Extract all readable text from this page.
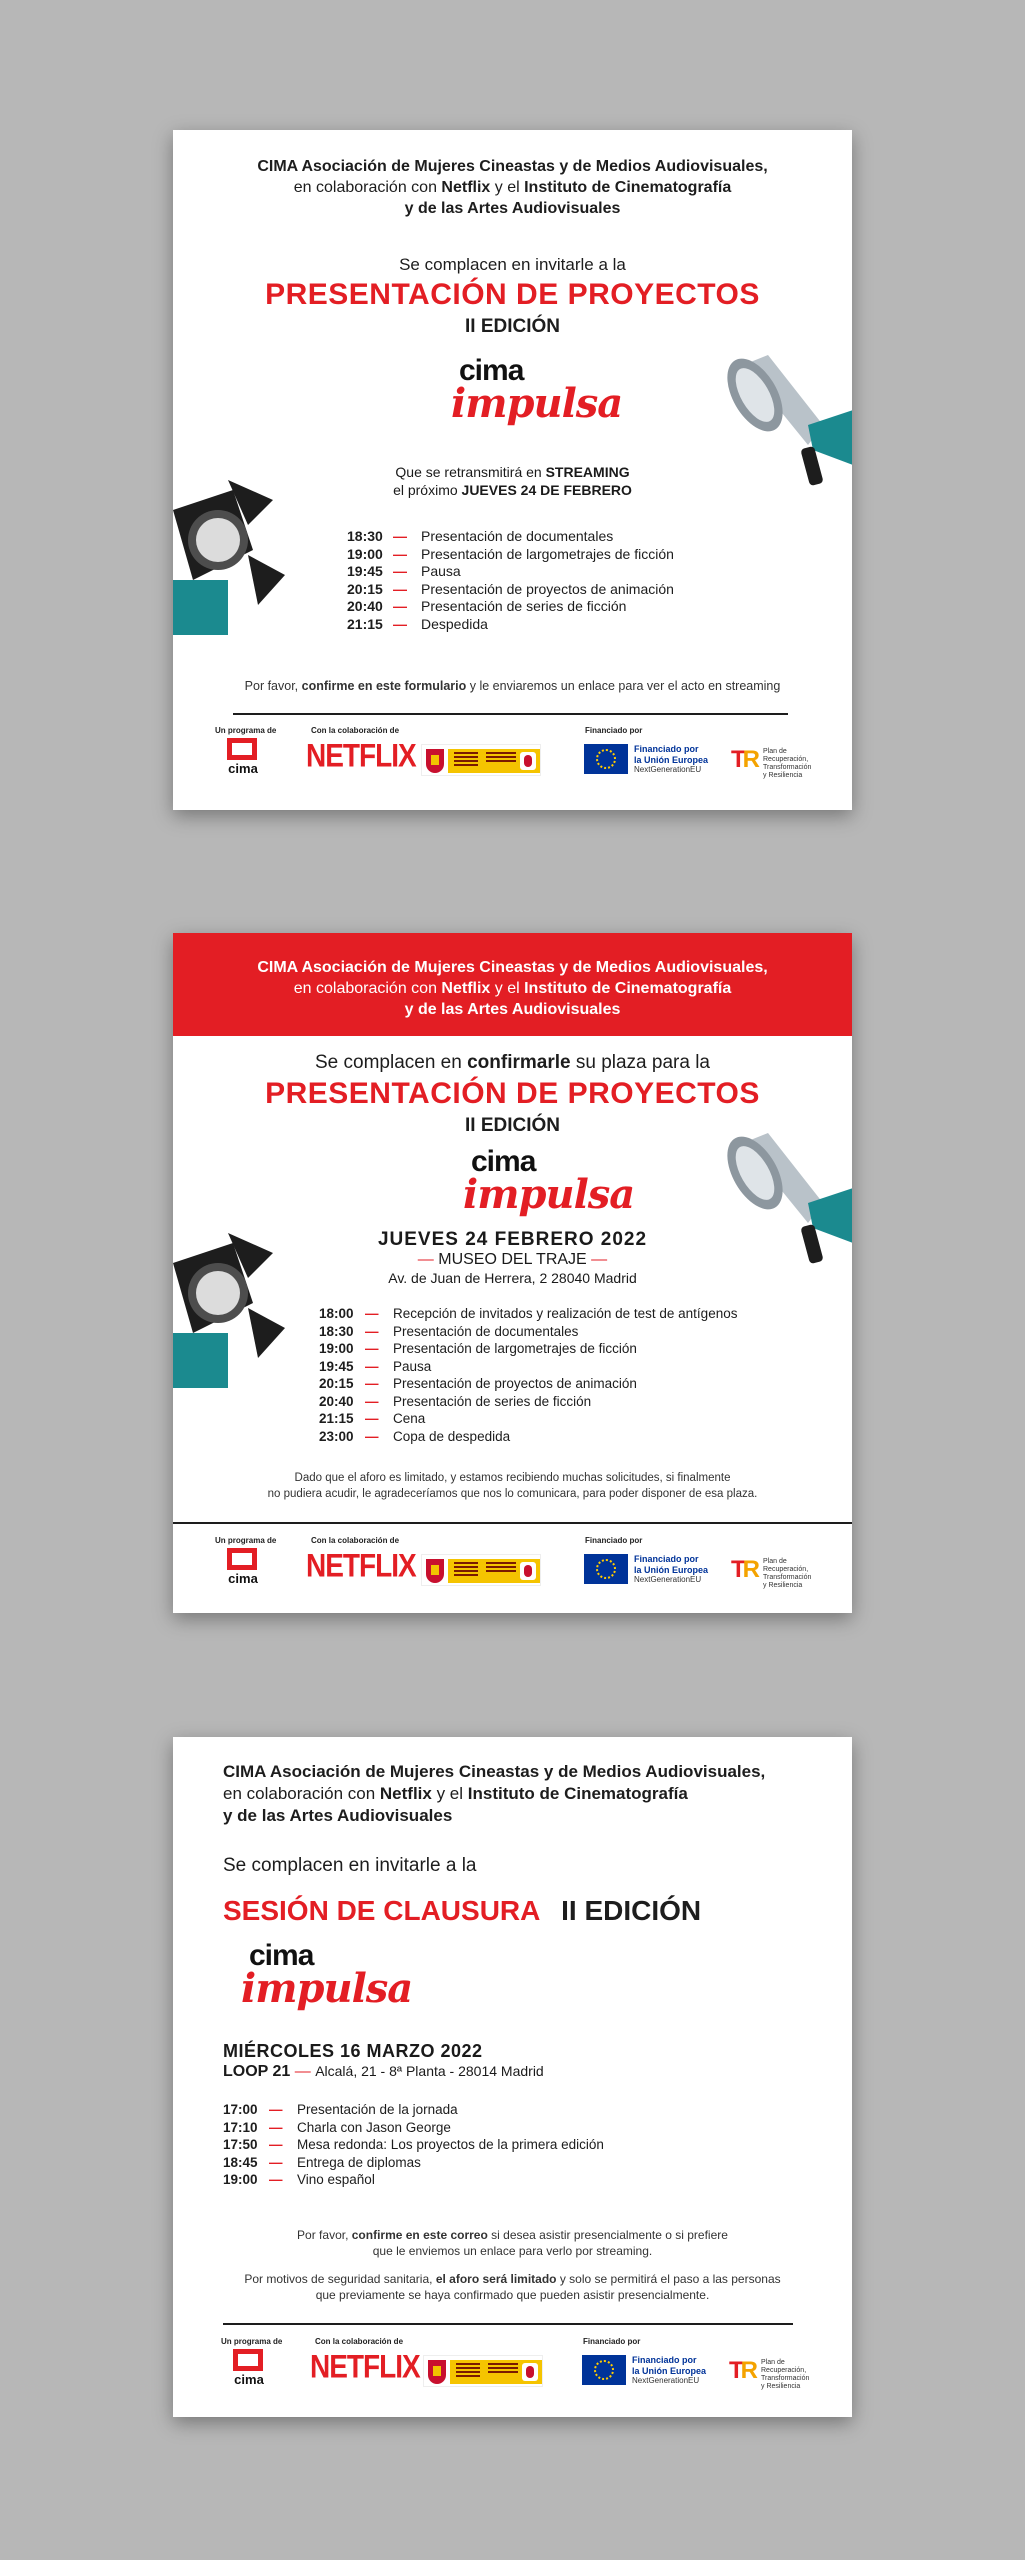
CIMA Asociación de Mujeres Cineastas y de Medios Audiovisuales,
en colaboración con Netflix y el Instituto de Cinematografía
y de las Artes Audiovisuales
Se complacen en invitarle a la
PRESENTACIÓN DE PROYECTOS
II EDICIÓN
cima
impulsa
Que se retransmitirá en STREAMING
el próximo JUEVES 24 DE FEBRERO
18:30 —	Presentación de documentales
19:00 —	Presentación de largometrajes de ficción
19:45 —	Pausa
20:15 —	Presentación de proyectos de animación
20:40 —	Presentación de series de ficción
21:15 —	Despedida
Por favor, confirme en este formulario y le enviaremos un enlace para ver el acto en streaming
Un programa de
cima
Con la colaboración de
NETFLIX
Financiado por
Financiado por
la Unión Europea
NextGenerationEU TR Plan de
Recuperación,
Transformación
y Resiliencia
CIMA Asociación de Mujeres Cineastas y de Medios Audiovisuales,
en colaboración con Netflix y el Instituto de Cinematografía
y de las Artes Audiovisuales
Se complacen en confirmarle su plaza para la
PRESENTACIÓN DE PROYECTOS
II EDICIÓN
cima
impulsa
JUEVES 24 FEBRERO 2022
— MUSEO DEL TRAJE —
Av. de Juan de Herrera, 2 28040 Madrid
18:00 —	Recepción de invitados y realización de test de antígenos
18:30 —	Presentación de documentales
19:00 —	Presentación de largometrajes de ficción
19:45 —	Pausa
20:15 —	Presentación de proyectos de animación
20:40 —	Presentación de series de ficción
21:15 —	Cena
23:00 —	Copa de despedida
Dado que el aforo es limitado, y estamos recibiendo muchas solicitudes, si finalmente
no pudiera acudir, le agradeceríamos que nos lo comunicara, para poder disponer de esa plaza.
Un programa de
cima
Con la colaboración de
NETFLIX
Financiado por
Financiado por
la Unión Europea
NextGenerationEU TR Plan de
Recuperación,
Transformación
y Resiliencia
CIMA Asociación de Mujeres Cineastas y de Medios Audiovisuales,
en colaboración con Netflix y el Instituto de Cinematografía
y de las Artes Audiovisuales
Se complacen en invitarle a la
SESIÓN DE CLAUSURA II EDICIÓN
cima
impulsa
MIÉRCOLES 16 MARZO 2022
LOOP 21 — Alcalá, 21 - 8ª Planta - 28014 Madrid
17:00 —	Presentación de la jornada
17:10 —	Charla con Jason George
17:50 —	Mesa redonda: Los proyectos de la primera edición
18:45 —	Entrega de diplomas
19:00 —	Vino español
Por favor, confirme en este correo si desea asistir presencialmente o si prefiere
que le enviemos un enlace para verlo por streaming.
Por motivos de seguridad sanitaria, el aforo será limitado y solo se permitirá el paso a las personas
que previamente se haya confirmado que pueden asistir presencialmente.
Un programa de
cima
Con la colaboración de
NETFLIX
Financiado por
Financiado por
la Unión Europea
NextGenerationEU TR Plan de
Recuperación,
Transformación
y Resiliencia
